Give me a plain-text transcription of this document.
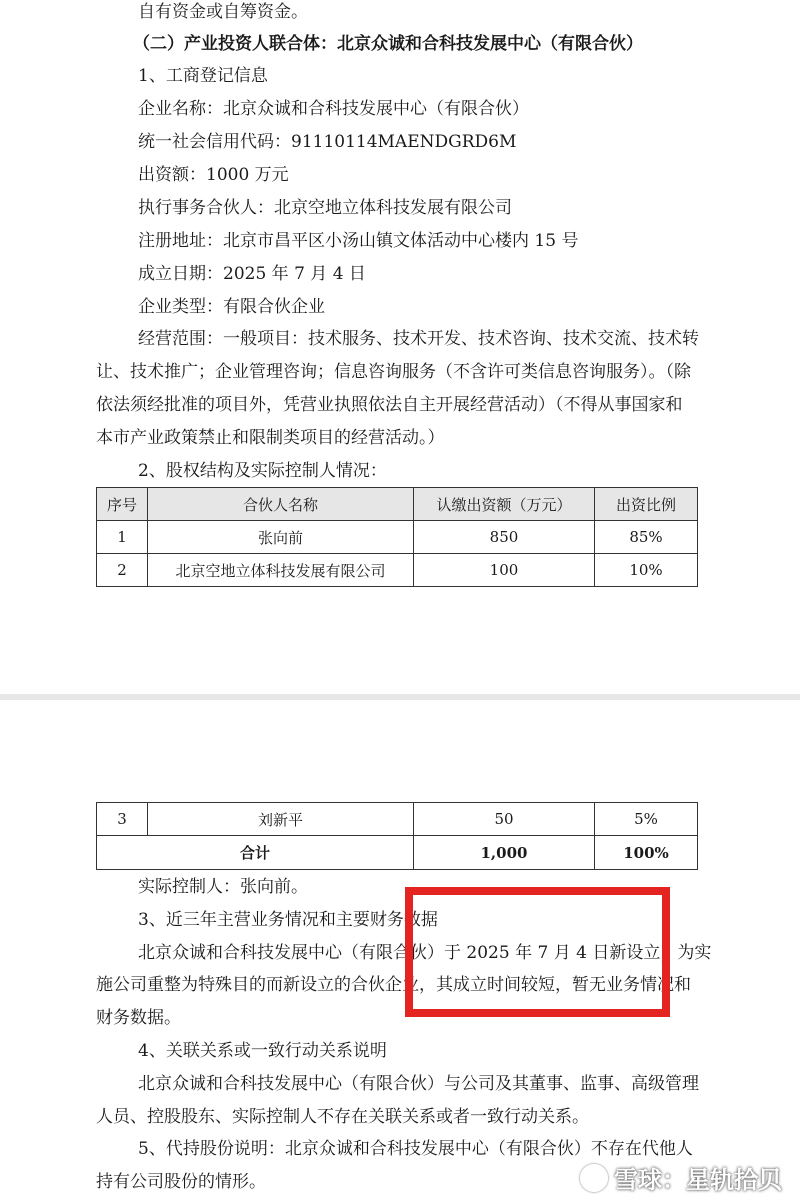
自有资金或自筹资金。
（二）产业投资人联合体：北京众诚和合科技发展中心（有限合伙）
1、工商登记信息
企业名称：北京众诚和合科技发展中心（有限合伙）
统一社会信用代码：91110114MAENDGRD6M
出资额：1000 万元
执行事务合伙人：北京空地立体科技发展有限公司
注册地址：北京市昌平区小汤山镇文体活动中心楼内 15 号
成立日期：2025 年 7 月 4 日
企业类型：有限合伙企业
经营范围：一般项目：技术服务、技术开发、技术咨询、技术交流、技术转
让、技术推广；企业管理咨询；信息咨询服务（不含许可类信息咨询服务）。（除
依法须经批准的项目外，凭营业执照依法自主开展经营活动）（不得从事国家和
本市产业政策禁止和限制类项目的经营活动。）
2、股权结构及实际控制人情况：
序号	合伙人名称	认缴出资额（万元）	出资比例
1	张向前	850	85%
2	北京空地立体科技发展有限公司	100	10%
3	刘新平	50	5%
合计		1,000	100%
实际控制人：张向前。
3、近三年主营业务情况和主要财务数据
北京众诚和合科技发展中心（有限合伙）于 2025 年 7 月 4 日新设立，为实
施公司重整为特殊目的而新设立的合伙企业，其成立时间较短，暂无业务情况和
财务数据。
4、关联关系或一致行动关系说明
北京众诚和合科技发展中心（有限合伙）与公司及其董事、监事、高级管理
人员、控股股东、实际控制人不存在关联关系或者一致行动关系。
5、代持股份说明：北京众诚和合科技发展中心（有限合伙）不存在代他人
持有公司股份的情形。	雪球：星轨拾贝
